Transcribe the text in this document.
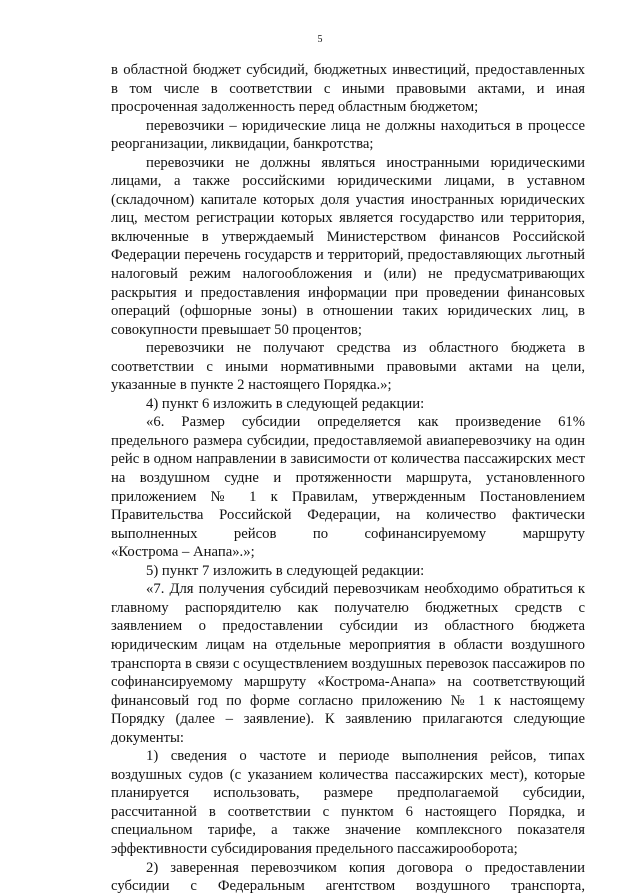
5
в областной бюджет субсидий, бюджетных инвестиций, предоставленных
в том числе в соответствии с иными правовыми актами, и иная
просроченная задолженность перед областным бюджетом;
перевозчики – юридические лица не должны находиться в процессе
реорганизации, ликвидации, банкротства;
перевозчики не должны являться иностранными юридическими
лицами, а также российскими юридическими лицами, в уставном
(складочном) капитале которых доля участия иностранных юридических
лиц, местом регистрации которых является государство или территория,
включенные в утверждаемый Министерством финансов Российской
Федерации перечень государств и территорий, предоставляющих льготный
налоговый режим налогообложения и (или) не предусматривающих
раскрытия и предоставления информации при проведении финансовых
операций (офшорные зоны) в отношении таких юридических лиц, в
совокупности превышает 50 процентов;
перевозчики не получают средства из областного бюджета в
соответствии с иными нормативными правовыми актами на цели,
указанные в пункте 2 настоящего Порядка.»;
4) пункт 6 изложить в следующей редакции:
«6. Размер субсидии определяется как произведение 61%
предельного размера субсидии, предоставляемой авиаперевозчику на один
рейс в одном направлении в зависимости от количества пассажирских мест
на воздушном судне и протяженности маршрута, установленного
приложением № 1 к Правилам, утвержденным Постановлением
Правительства Российской Федерации, на количество фактически
выполненных рейсов по софинансируемому маршруту
«Кострома – Анапа».»;
5) пункт 7 изложить в следующей редакции:
«7. Для получения субсидий перевозчикам необходимо обратиться к
главному распорядителю как получателю бюджетных средств с
заявлением о предоставлении субсидии из областного бюджета
юридическим лицам на отдельные мероприятия в области воздушного
транспорта в связи с осуществлением воздушных перевозок пассажиров по
софинансируемому маршруту «Кострома-Анапа» на соответствующий
финансовый год по форме согласно приложению № 1 к настоящему
Порядку (далее – заявление). К заявлению прилагаются следующие
документы:
1) сведения о частоте и периоде выполнения рейсов, типах
воздушных судов (с указанием количества пассажирских мест), которые
планируется использовать, размере предполагаемой субсидии,
рассчитанной в соответствии с пунктом 6 настоящего Порядка, и
специальном тарифе, а также значение комплексного показателя
эффективности субсидирования предельного пассажирооборота;
2) заверенная перевозчиком копия договора о предоставлении
субсидии с Федеральным агентством воздушного транспорта,
